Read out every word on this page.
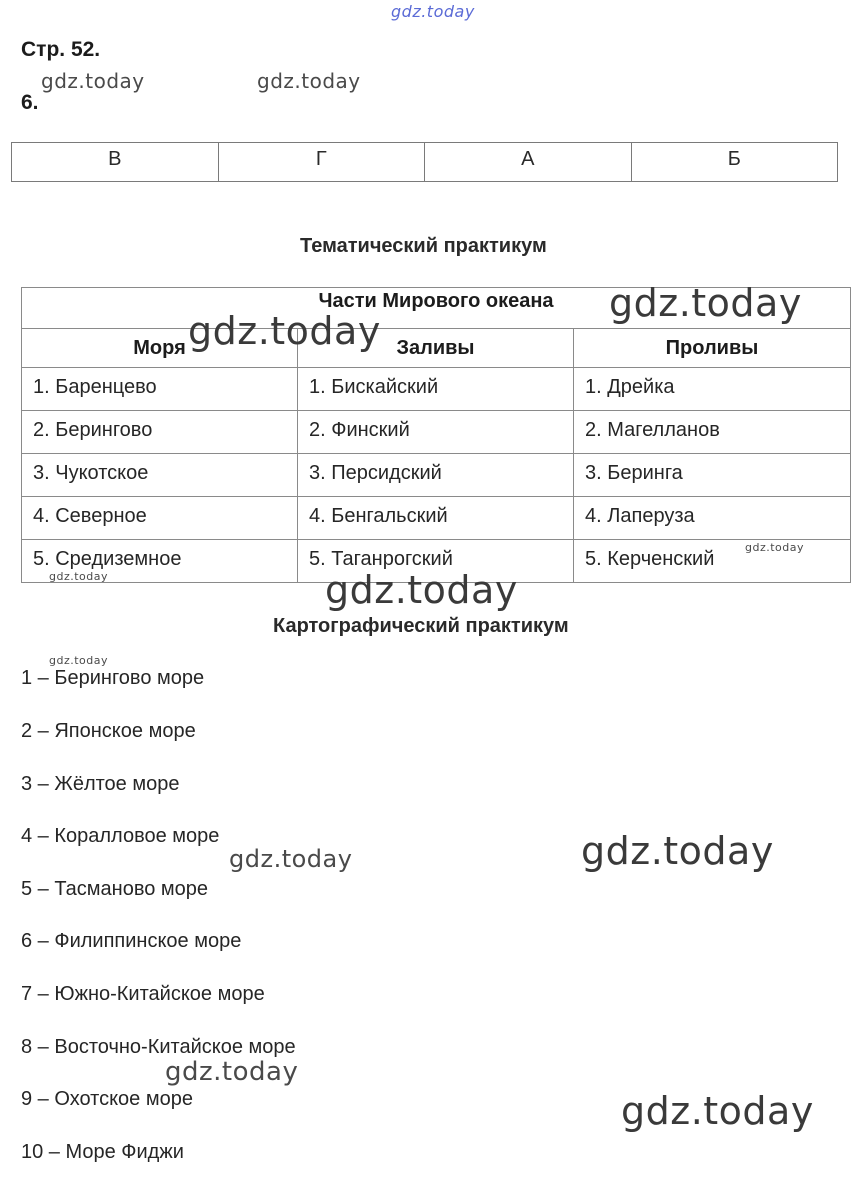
gdz.today
Стр. 52.
6.
gdz.today	gdz.today
В	Г	А	Б
Тематический практикум
Части Мирового океана		
Моря	Заливы	Проливы
1. Баренцево	1. Бискайский	1. Дрейка
2. Берингово	2. Финский	2. Магелланов
3. Чукотское	3. Персидский	3. Беринга
4. Северное	4. Бенгальский	4. Лаперуза
5. Средиземное	5. Таганрогский	5. Керченский
gdz.today
gdz.today
gdz.today
gdz.today	gdz.today
Картографический практикум
gdz.today
1 – Берингово море
2 – Японское море
3 – Жёлтое море
4 – Коралловое море
5 – Тасманово море
6 – Филиппинское море
7 – Южно-Китайское море
8 – Восточно-Китайское море
9 – Охотское море
10 – Море Фиджи
gdz.today	gdz.today
gdz.today
gdz.today
